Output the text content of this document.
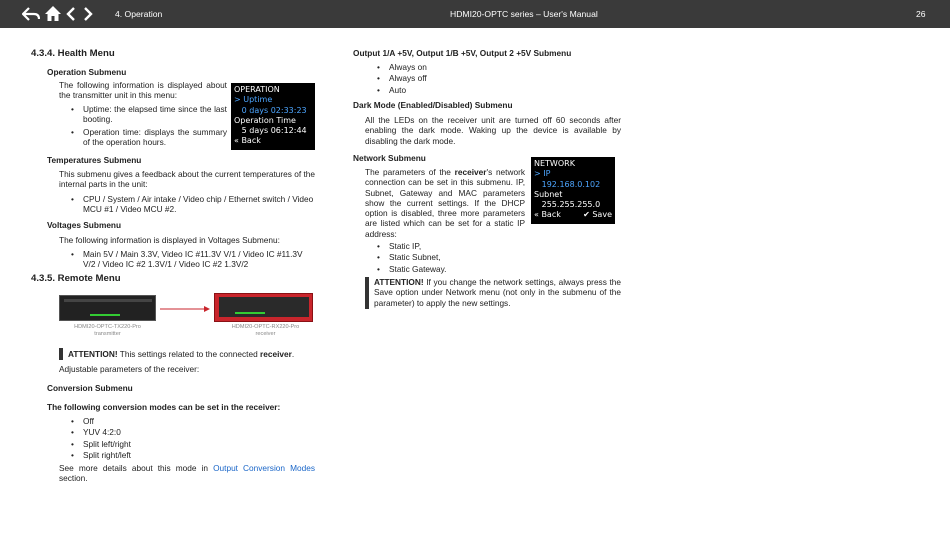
4. Operation	HDMI20-OPTC series – User's Manual	26
4.3.4. Health Menu
Operation Submenu
The following information is displayed about the transmitter unit in this menu:
• Uptime: the elapsed time since the last booting.
• Operation time: displays the summary of the operation hours.
OPERATION
> Uptime
0 days 02:33:23
Operation Time
5 days 06:12:44
« Back
Temperatures Submenu
This submenu gives a feedback about the current temperatures of the internal parts in the unit:
• CPU / System / Air intake / Video chip / Ethernet switch / Video MCU #1 / Video MCU #2.
Voltages Submenu
The following information is displayed in Voltages Submenu:
• Main 5V / Main 3.3V, Video IC #11.3V V/1 / Video IC #11.3V V/2 / Video IC #2 1.3V/1 / Video IC #2 1.3V/2
4.3.5. Remote Menu
HDMI20-OPTC-TX220-Pro transmitter
HDMI20-OPTC-RX220-Pro receiver
ATTENTION! This settings related to the connected receiver.
Adjustable parameters of the receiver:
Conversion Submenu
The following conversion modes can be set in the receiver:
• Off
• YUV 4:2:0
• Split left/right
• Split right/left
See more details about this mode in Output Conversion Modes
section.
Output 1/A +5V, Output 1/B +5V, Output 2 +5V Submenu
• Always on
• Always off
• Auto
Dark Mode (Enabled/Disabled) Submenu
All the LEDs on the receiver unit are turned off 60 seconds after enabling the dark mode. Waking up the device is available by disabling the dark mode.
Network Submenu
The parameters of the receiver's network connection can be set in this submenu. IP, Subnet, Gateway and MAC parameters show the current settings. If the DHCP option is disabled, three more parameters are listed which can be set for a static IP address:
NETWORK
> IP
192.168.0.102
Subnet
255.255.255.0
« Back	✔ Save
• Static IP,
• Static Subnet,
• Static Gateway.
ATTENTION! If you change the network settings, always press the Save option under Network menu (not only in the submenu of the parameter) to apply the new settings.
